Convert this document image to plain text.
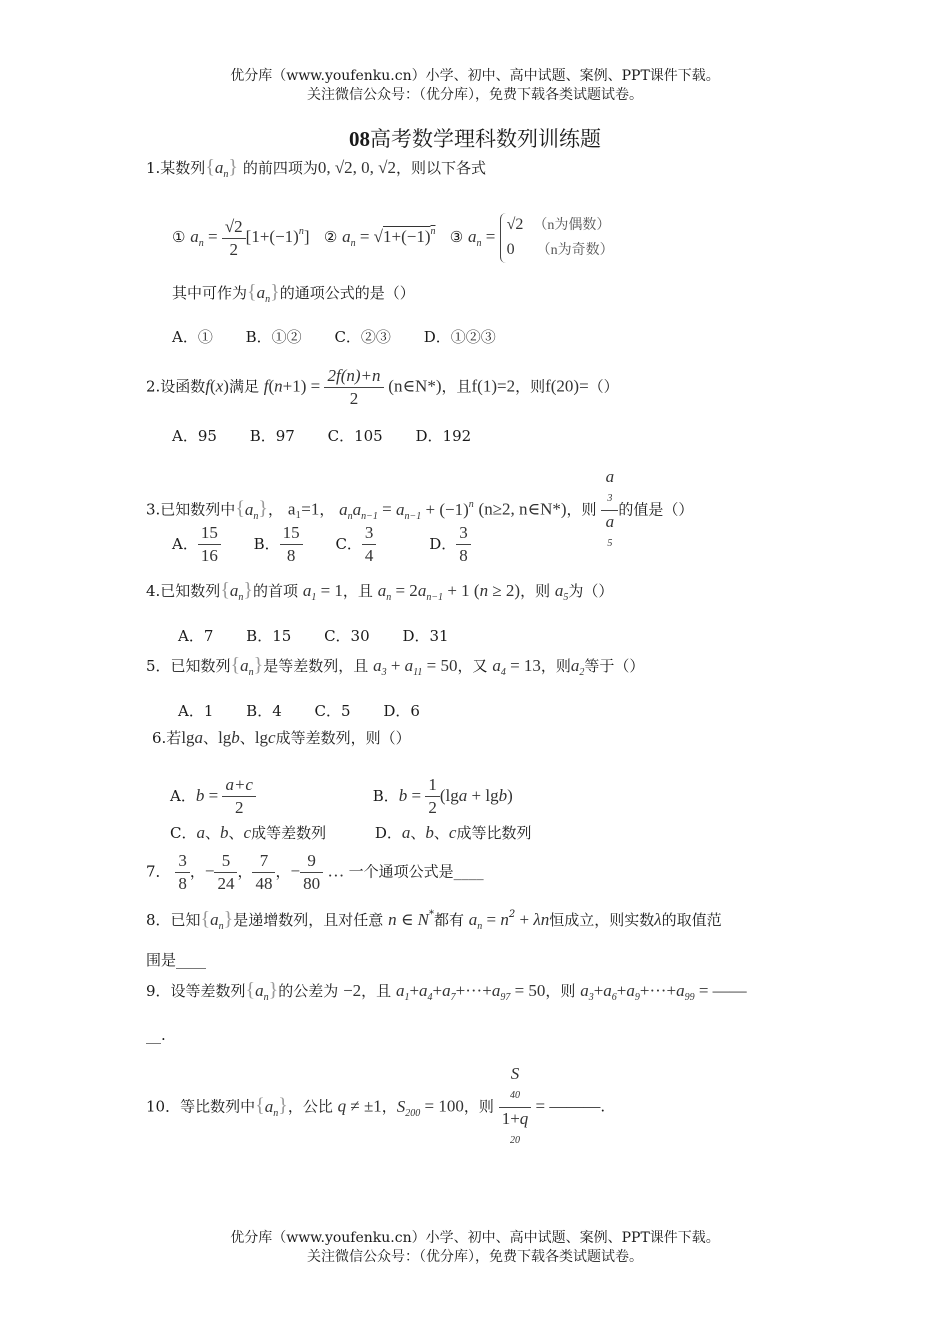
优分库（www.youfenku.cn）小学、初中、高中试题、案例、PPT课件下载。
关注微信公众号：（优分库），免费下载各类试题试卷。
08高考数学理科数列训练题
1.某数列$\{a_n\}$ 的前四项为0, √2, 0, √2，则以下各式
① $a_n = \frac{√2}{2} [1+(-1)^n]$ ② $a_n = √1+(-1)^n$ ③ $a_n = √2$ （n为偶数）
0 （n为奇数）
其中可作为$\{a_n\}$的通项公式的是（）
A．① B．①② C．②③ D．①②③
2.设函数f(x)满足 $f(n+1) = \frac{2f(n)+n}{2}$ (n∈N*)，且f(1)=2，则f(20)=（）
A．95 B．97 C．105 D．192
3.已知数列中$\{a_n\}$， a₁=1， $a_na_{n-1} = a_{n-1} + (-1)^n$ (n≥2, n∈N*)，则 a
3
a
5 的值是（）
A． $\frac{15}{16}$ B． $\frac{15}{8}$ C． $\frac{3}{4}$	D． $\frac{3}{8}$
4.已知数列$\{a_n\}$的首项 $a_1 = 1$，且 $a_n = 2a_{n-1} + 1$ (n ≥ 2)，则 $a_5$为（）
A．7 B．15 C．30 D．31
5．已知数列$\{a_n\}$是等差数列，且 $a_3 + a_{11} = 50$，又 $a_4 = 13$，则$a_2$等于（）
A．1 B．4 C．5 D．6
6.若lga、lgb、lgc成等差数列，则（）
A．$b = \frac{a+c}{2}$	B．$b = \frac{1}{2} (\lg a + \lg b)$
C．a、b、c成等差数列	D．a、b、c成等比数列
7． $\frac{3}{8}$ ，− $\frac{5}{24}$ ， $\frac{7}{48}$ ，− $\frac{9}{80}$ … 一个通项公式是____
8．已知$\{a_n\}$是递增数列，且对任意 n ∈ N*都有 $a_n = n^2 + \lambda n$恒成立，则实数λ的取值范
围是____
9．设等差数列$\{a_n\}$的公差为 −2，且 $a_1+a_4+a_7+\cdot\cdot\cdot+a_{97} = 50$，则 $a_3+a_6+a_9+\cdot\cdot\cdot+a_{99}$ = ——
__.
10．等比数列中$\{a_n\}$，公比 q ≠ ±1，$S_{200} = 100$，则 S
40
1+q
20 = ———.
优分库（www.youfenku.cn）小学、初中、高中试题、案例、PPT课件下载。
关注微信公众号：（优分库），免费下载各类试题试卷。
